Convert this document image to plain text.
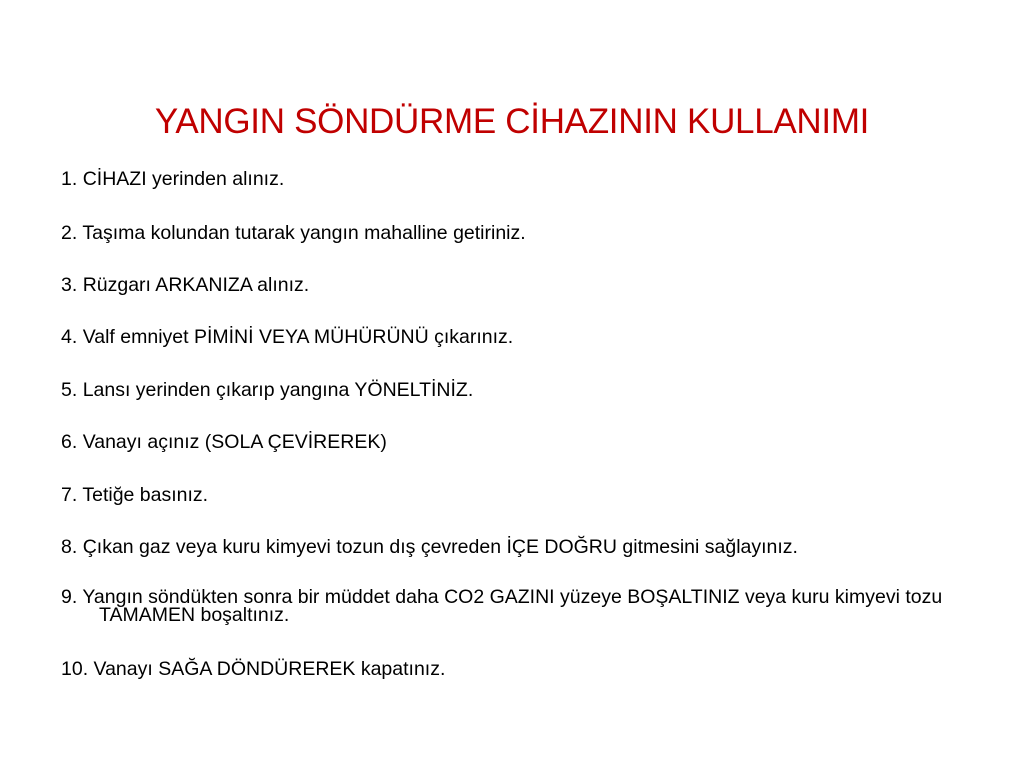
YANGIN SÖNDÜRME CİHAZININ KULLANIMI
1. CİHAZI yerinden alınız.
2. Taşıma kolundan tutarak yangın mahalline getiriniz.
3. Rüzgarı ARKANIZA alınız.
4. Valf emniyet PİMİNİ VEYA MÜHÜRÜNÜ çıkarınız.
5. Lansı yerinden çıkarıp yangına YÖNELTİNİZ.
6. Vanayı açınız (SOLA ÇEVİREREK)
7. Tetiğe basınız.
8. Çıkan gaz veya kuru kimyevi tozun dış çevreden İÇE DOĞRU gitmesini sağlayınız.
9. Yangın söndükten sonra bir müddet daha CO2 GAZINI yüzeye BOŞALTINIZ veya kuru kimyevi tozu TAMAMEN boşaltınız.
10. Vanayı SAĞA DÖNDÜREREK kapatınız.
